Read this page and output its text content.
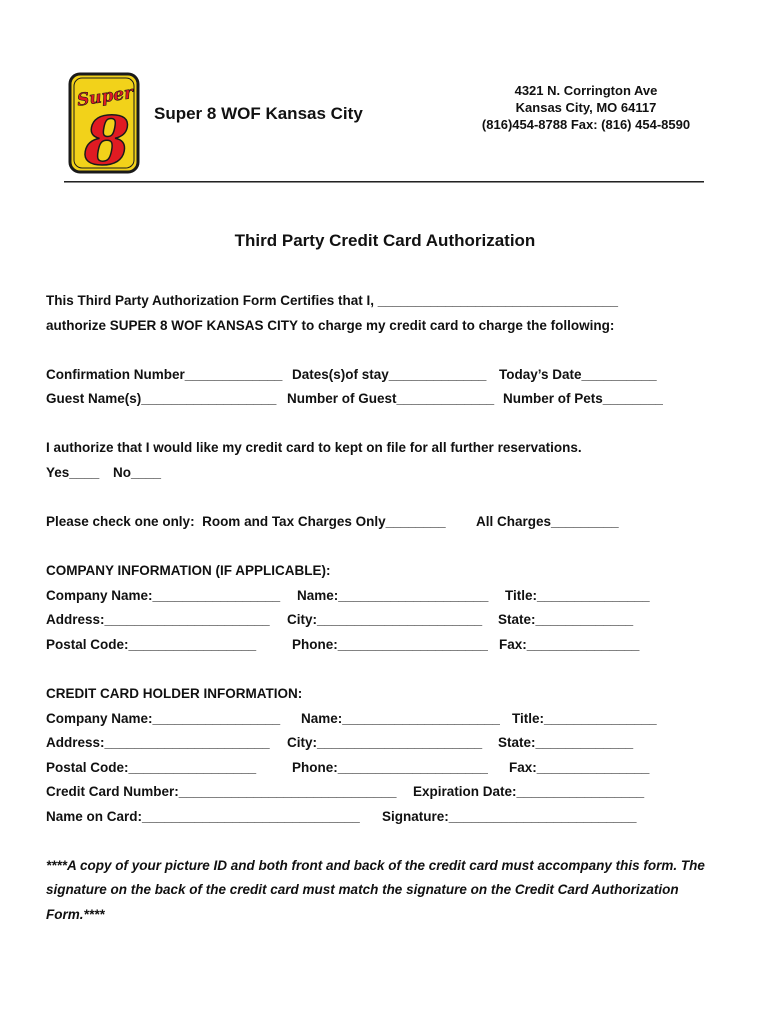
Super
8 Super 8 WOF Kansas City
4321 N. Corrington Ave
Kansas City, MO 64117
(816)454-8788 Fax: (816) 454-8590
Third Party Credit Card Authorization
This Third Party Authorization Form Certifies that I, ________________________________
authorize SUPER 8 WOF KANSAS CITY to charge my credit card to charge the following:
Confirmation Number_____________ Dates(s)of stay_____________ Today’s Date__________
Guest Name(s)__________________ Number of Guest_____________ Number of Pets________
I authorize that I would like my credit card to kept on file for all further reservations.
Yes____ No____
Please check one only:  Room and Tax Charges Only________ All Charges_________
COMPANY INFORMATION (IF APPLICABLE):
Company Name:_________________ Name:____________________ Title:_______________
Address:______________________ City:______________________ State:_____________
Postal Code:_________________	Phone:____________________ Fax:_______________
CREDIT CARD HOLDER INFORMATION:
Company Name:_________________ Name:_____________________ Title:_______________
Address:______________________ City:______________________ State:_____________
Postal Code:_________________	Phone:____________________ Fax:_______________
Credit Card Number:_____________________________ Expiration Date:_________________
Name on Card:_____________________________ Signature:_________________________
****A copy of your picture ID and both front and back of the credit card must accompany this form. The
signature on the back of the credit card must match the signature on the Credit Card Authorization
Form.****
